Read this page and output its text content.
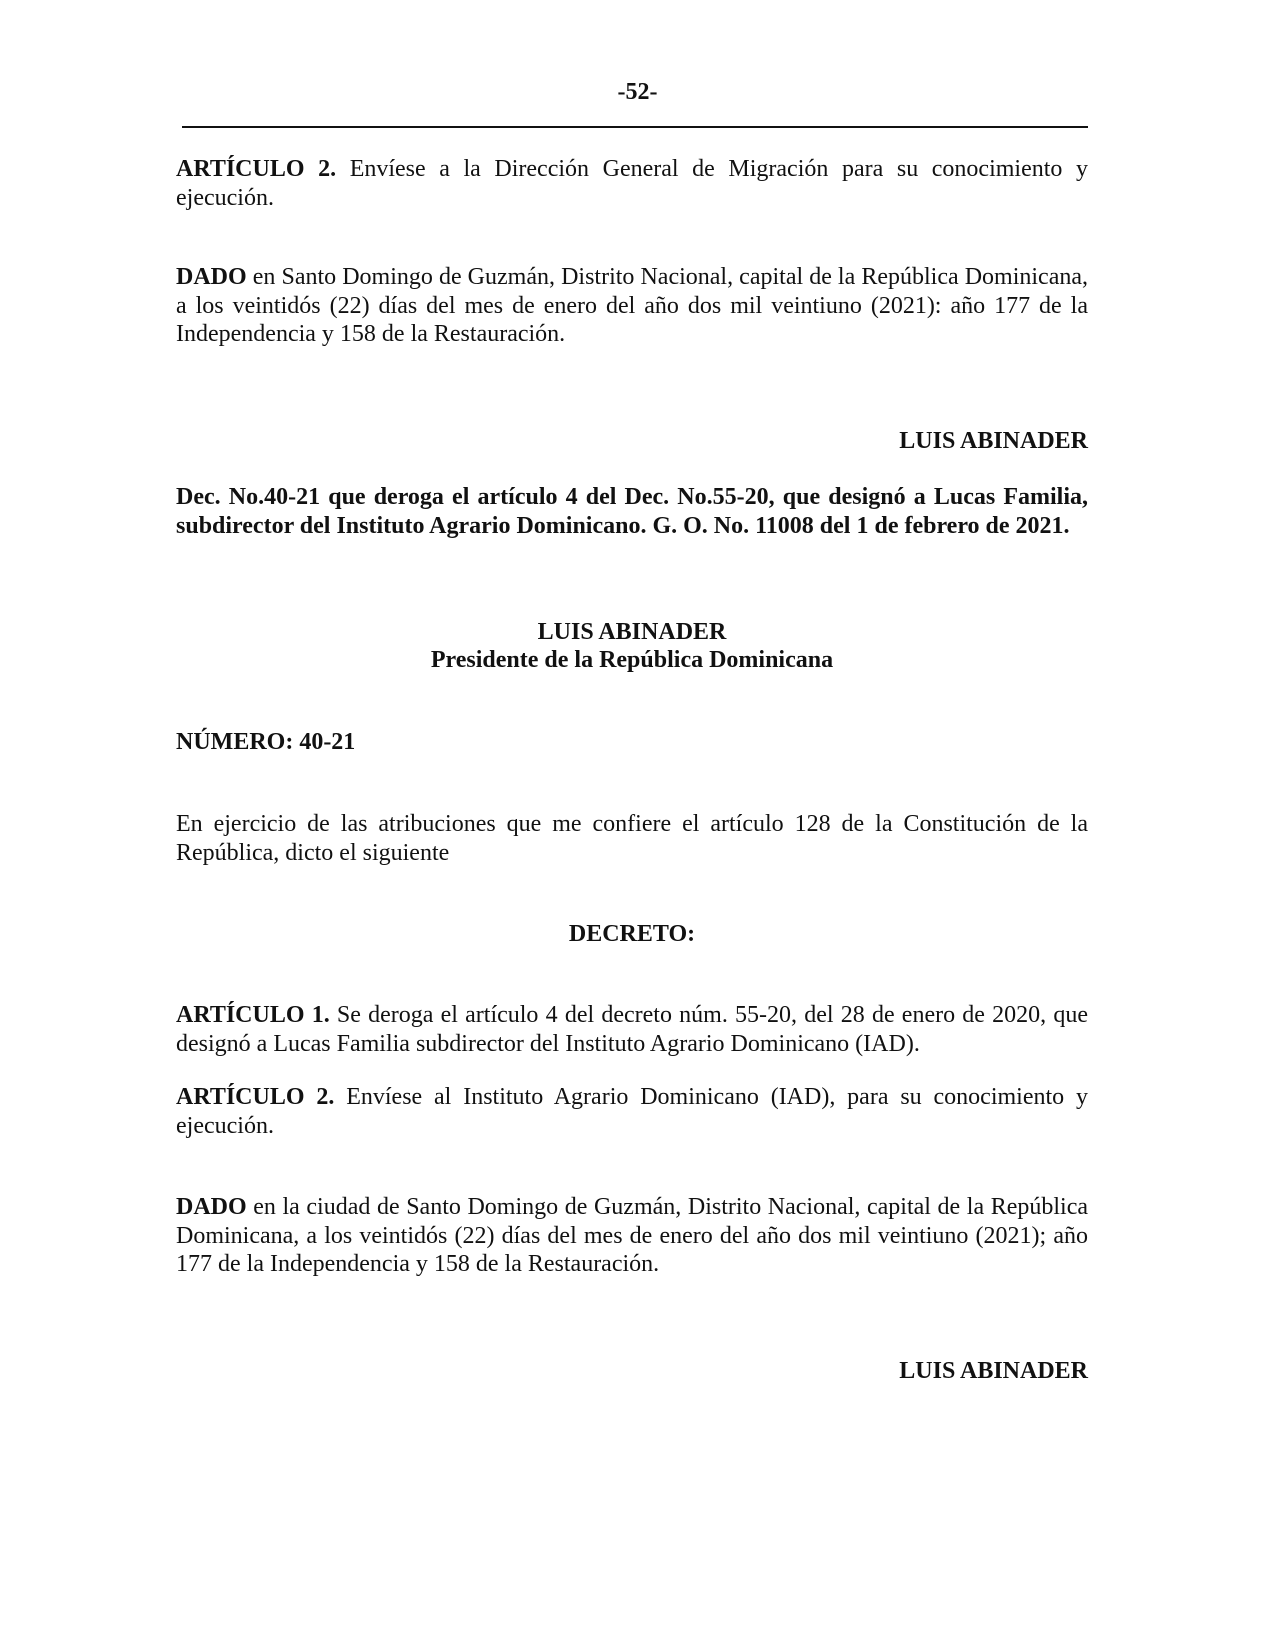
-52-

ARTÍCULO 2. Envíese a la Dirección General de Migración para su conocimiento y ejecución.

DADO en Santo Domingo de Guzmán, Distrito Nacional, capital de la República Dominicana, a los veintidós (22) días del mes de enero del año dos mil veintiuno (2021): año 177 de la Independencia y 158 de la Restauración.

LUIS ABINADER

Dec. No.40-21 que deroga el artículo 4 del Dec. No.55-20, que designó a Lucas Familia, subdirector del Instituto Agrario Dominicano. G. O. No. 11008 del 1 de febrero de 2021.

LUIS ABINADER
Presidente de la República Dominicana
NÚMERO: 40-21

En ejercicio de las atribuciones que me confiere el artículo 128 de la Constitución de la República, dicto el siguiente

DECRETO:

ARTÍCULO 1. Se deroga el artículo 4 del decreto núm. 55-20, del 28 de enero de 2020, que designó a Lucas Familia subdirector del Instituto Agrario Dominicano (IAD).

ARTÍCULO 2. Envíese al Instituto Agrario Dominicano (IAD), para su conocimiento y ejecución.

DADO en la ciudad de Santo Domingo de Guzmán, Distrito Nacional, capital de la República Dominicana, a los veintidós (22) días del mes de enero del año dos mil veintiuno (2021); año 177 de la Independencia y 158 de la Restauración.

LUIS ABINADER
